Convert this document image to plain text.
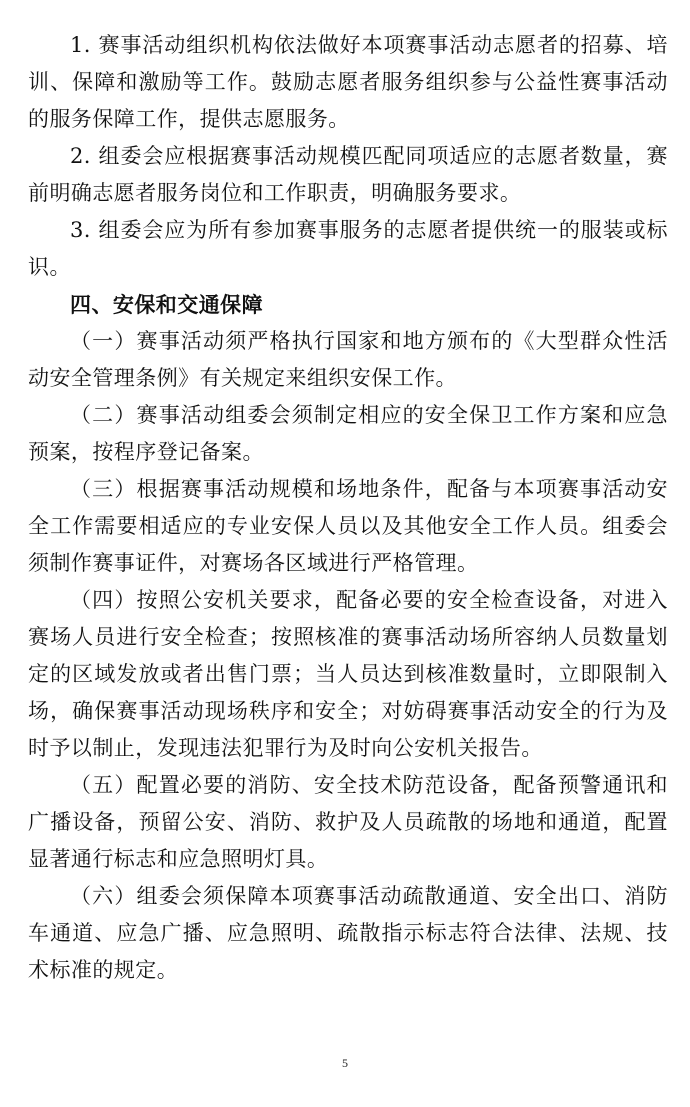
1. 赛事活动组织机构依法做好本项赛事活动志愿者的招募、培训、保障和激励等工作。鼓励志愿者服务组织参与公益性赛事活动的服务保障工作，提供志愿服务。

2. 组委会应根据赛事活动规模匹配同项适应的志愿者数量，赛前明确志愿者服务岗位和工作职责，明确服务要求。

3. 组委会应为所有参加赛事服务的志愿者提供统一的服装或标识。

四、安保和交通保障

（一）赛事活动须严格执行国家和地方颁布的《大型群众性活动安全管理条例》有关规定来组织安保工作。

（二）赛事活动组委会须制定相应的安全保卫工作方案和应急预案，按程序登记备案。

（三）根据赛事活动规模和场地条件，配备与本项赛事活动安全工作需要相适应的专业安保人员以及其他安全工作人员。组委会须制作赛事证件，对赛场各区域进行严格管理。

（四）按照公安机关要求，配备必要的安全检查设备，对进入赛场人员进行安全检查；按照核准的赛事活动场所容纳人员数量划定的区域发放或者出售门票；当人员达到核准数量时，立即限制入场，确保赛事活动现场秩序和安全；对妨碍赛事活动安全的行为及时予以制止，发现违法犯罪行为及时向公安机关报告。

（五）配置必要的消防、安全技术防范设备，配备预警通讯和广播设备，预留公安、消防、救护及人员疏散的场地和通道，配置显著通行标志和应急照明灯具。

（六）组委会须保障本项赛事活动疏散通道、安全出口、消防车通道、应急广播、应急照明、疏散指示标志符合法律、法规、技术标准的规定。

5
